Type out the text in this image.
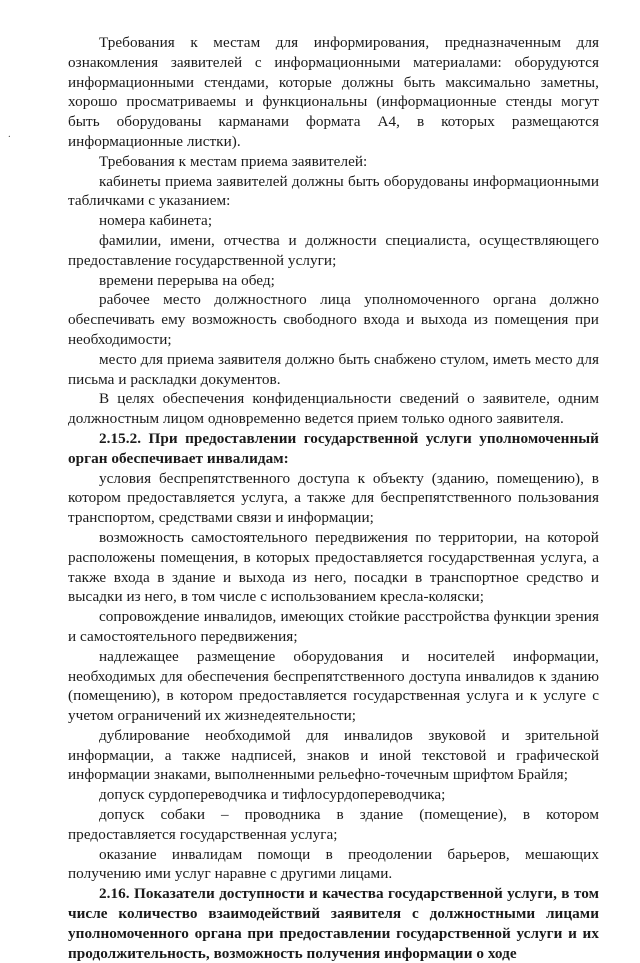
.

Требования к местам для информирования, предназначенным для ознакомления заявителей с информационными материалами: оборудуются информационными стендами, которые должны быть максимально заметны, хорошо просматриваемы и функциональны (информационные стенды могут быть оборудованы карманами формата А4, в которых размещаются информационные листки).

Требования к местам приема заявителей:

кабинеты приема заявителей должны быть оборудованы информационными табличками с указанием:

номера кабинета;

фамилии, имени, отчества и должности специалиста, осуществляющего предоставление государственной услуги;

времени перерыва на обед;

рабочее место должностного лица уполномоченного органа должно обеспечивать ему возможность свободного входа и выхода из помещения при необходимости;

место для приема заявителя должно быть снабжено стулом, иметь место для письма и раскладки документов.

В целях обеспечения конфиденциальности сведений о заявителе, одним должностным лицом одновременно ведется прием только одного заявителя.

2.15.2. При предоставлении государственной услуги уполномоченный орган обеспечивает инвалидам:

условия беспрепятственного доступа к объекту (зданию, помещению), в котором предоставляется услуга, а также для беспрепятственного пользования транспортом, средствами связи и информации;

возможность самостоятельного передвижения по территории, на которой расположены помещения, в которых предоставляется государственная услуга, а также входа в здание и выхода из него, посадки в транспортное средство и высадки из него, в том числе с использованием кресла-коляски;

сопровождение инвалидов, имеющих стойкие расстройства функции зрения и самостоятельного передвижения;

надлежащее размещение оборудования и носителей информации, необходимых для обеспечения беспрепятственного доступа инвалидов к зданию (помещению), в котором предоставляется государственная услуга и к услуге с учетом ограничений их жизнедеятельности;

дублирование необходимой для инвалидов звуковой и зрительной информации, а также надписей, знаков и иной текстовой и графической информации знаками, выполненными рельефно-точечным шрифтом Брайля;

допуск сурдопереводчика и тифлосурдопереводчика;

допуск собаки – проводника в здание (помещение), в котором предоставляется государственная услуга;

оказание инвалидам помощи в преодолении барьеров, мешающих получению ими услуг наравне с другими лицами.

2.16. Показатели доступности и качества государственной услуги, в том числе количество взаимодействий заявителя с должностными лицами уполномоченного органа при предоставлении государственной услуги и их продолжительность, возможность получения информации о ходе
